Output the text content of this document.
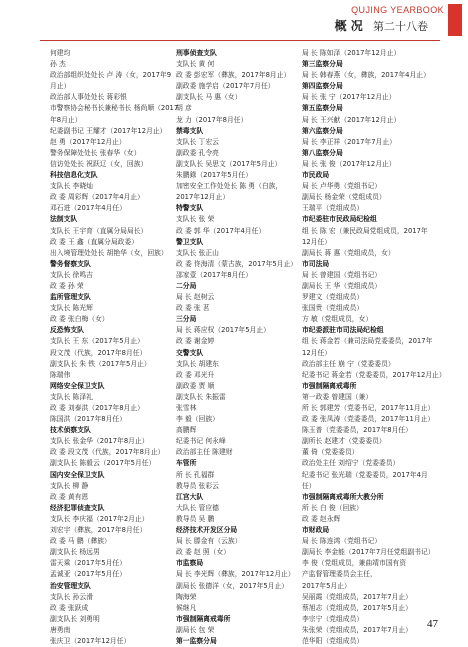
QUJING YEARBOOK
概 况 第二十八卷
何建均
孙 杰
政治部组织处处长 卢 涛（女，2017年9
月止）
政治部人事处处长 蒋彩银
市警察协会秘书长兼秘书长 杨尚顺（2017
年8月止）
纪委副书记 王耀才（2017年12月止）
赵 勇（2017年12月止）
警务保障处处长 张春华（女）
信访处处长 祝跃辽（女，回族）
科技信息化支队
支队长 李晓灿
政 委 周彩辉（2017年4月止）
邓石进（2017年4月任）
法制支队
支队长 王宇育（直属分局局长）
政 委 王 鑫（直属分局政委）
出入境管理处处长 胡艳华（女，回族）
警务督察支队
支队长 徐鸣吉
政 委 孙 荣
监所管理支队
支队长 陈光辉
政 委 张白梅（女）
反恐怖支队
支队长 王 东（2017年5月止）
段文茂（代族，2017年8月任）
副支队长 朱 铁（2017年5月止）
陈瑞伟
网络安全保卫支队
支队长 陈泽礼
政 委 刘泰洪（2017年8月止）
陈国洪（2017年8月任）
技术侦察支队
支队长 张金华（2017年8月止）
政 委 段文茂（代族，2017年8月止）
副支队长 陈毅云（2017年5月任）
国内安全保卫支队
支队长 柳 静
政 委 黄有恩
经济犯罪侦查支队
支队长 李庆福（2017年2月止）
刘宏宇（彝族，2017年8月任）
政 委 马 鹏（彝族）
副支队长 杨远男
雷天乘（2017年5月任）
孟诚亚（2017年5月任）
治安管理支队
支队长 孙云滑
政 委 张跃成
副支队长 刘勇明
唐勇南
张庆卫（2017年12月任）
刑事侦查支队
支队长 黄 何
政 委 彭宏军（彝族，2017年8月止）
副政委 施学启（2017年7月任）
副支队长 马 惠（女）
胡 彦
龙 力（2017年8月任）
禁毒支队
支队长 丁宏云
副政委 孔令亮
副支队长 吴思文（2017年5月止）
朱鹏錄（2017年5月任）
加密安全工作处处长 陈 勇（白族，
2017年12月止）
特警支队
支队长 张 荣
政 委 郭 华（2017年4月任）
警卫支队
支队长 张正山
政 委 佟海清（蒙古族，2017年5月止）
邵家壹（2017年8月任）
二分局
局 长 赵树云
政 委 张 茗
三分局
局 长 蒋应权（2017年5月止）
政 委 谢金婷
交警支队
支队长 胡建东
政 委 邓光升
副政委 贾 顺
副支队长 朱振雷
张雪林
李 毅（回族）
高鹏辉
纪委书记 何永峰
政治部主任 陈建财
车管所
所 长 孔福群
教导员 张彩云
江宫大队
大队长 管应德
教导员 吴 鹏
经济技术开发区分局
局 长 滕金有（云族）
政 委 赵 照（女）
市监察局
局 长 李光辉（彝族，2017年12月止）
副局长 张德洋（女，2017年5月止）
陶海荣
候继凡
市强制隔离戒毒所
副局长 包 荣
第一监察分局
局 长 陈如泽（2017年12月止）
第三监察分局
局 长 韩春燕（女，彝族，2017年4月止）
第四监察分局
局 长 张 宁（2017年12月止）
第五监察分局
局 长 王兴献（2017年12月止）
第六监察分局
局 长 李正祥（2017年7月止）
第八监察分局
局 长 张 俊（2017年12月止）
市民政局
局 长 卢华勇（党组书记）
副局长 杨金荣（党组成员）
王瑞平（党组成员）
市纪委驻市民政局纪检组
组 长 陈 宏（兼民政局党组成员，2017年
12月任）
副局长 蒋 惠（党组成员，女）
市司法局
局 长 曾建国（党组书记）
副局长 王 华（党组成员）
罗建文（党组成员）
张国贵（党组成员）
方 敏（党组成员，女）
市纪委派驻市司法局纪检组
组 长 蒋金若（兼司法局党委委员，2017年
12月任）
政治部主任 崩 宁（党委委员）
纪委书记 蒋金若（党委委员，2017年12月止）
市强制隔离戒毒所
第一政委 曾建国（兼）
所 长 郭建芳（党委书记，2017年11月止）
政 委 张凤涛（党委委员，2017年11月止）
陈玉普（党委委员，2017年8月任）
副所长 赵建才（党委委员）
董 倚（党委委员）
政治处主任 刘绍宁（党委委员）
纪委书记 张光瑞（党委委员，2017年4月
任）
市强制隔离戒毒所大教分所
所 长 白 俊（回族）
政 委 赵永辉
市财政局
局 长 陈连鸿（党组书记）
副局长 李金能（2017年7月任党组副书记）
李 俊（党组成员，兼曲靖市国有资
产监督管理委员会主任，
2017年5月止）
吴丽霞（党组成员，2017年7月止）
蔡旭志（党组成员，2017年5月止）
李宗宁（党组成员）
朱张荣（党组成员，2017年7月止）
范华阳（党组成员）
47
